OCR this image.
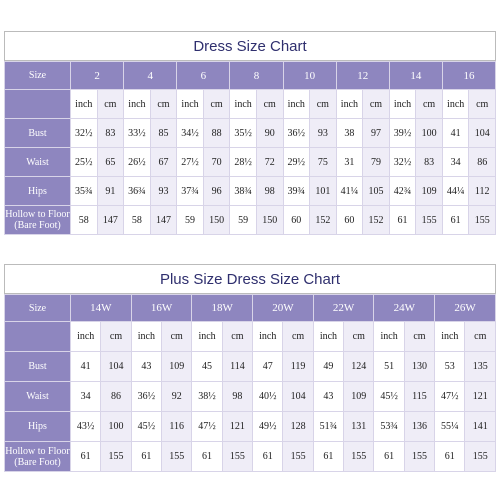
Dress Size Chart
Size	2		4		6		8		10		12		14		16	
	inch	cm	inch	cm	inch	cm	inch	cm	inch	cm	inch	cm	inch	cm	inch	cm
Bust	32½	83	33½	85	34½	88	35½	90	36½	93	38	97	39½	100	41	104
Waist	25½	65	26½	67	27½	70	28½	72	29½	75	31	79	32½	83	34	86
Hips	35¾	91	36¾	93	37¾	96	38¾	98	39¾	101	41¼	105	42¾	109	44¼	112
Hollow to Floor (Bare Foot)	58	147	58	147	59	150	59	150	60	152	60	152	61	155	61	155
Plus Size Dress Size Chart
Size	14W		16W		18W		20W		22W		24W		26W	
	inch	cm	inch	cm	inch	cm	inch	cm	inch	cm	inch	cm	inch	cm
Bust	41	104	43	109	45	114	47	119	49	124	51	130	53	135
Waist	34	86	36½	92	38½	98	40½	104	43	109	45½	115	47½	121
Hips	43½	100	45½	116	47½	121	49½	128	51¾	131	53¾	136	55¼	141
Hollow to Floor (Bare Foot)	61	155	61	155	61	155	61	155	61	155	61	155	61	155
